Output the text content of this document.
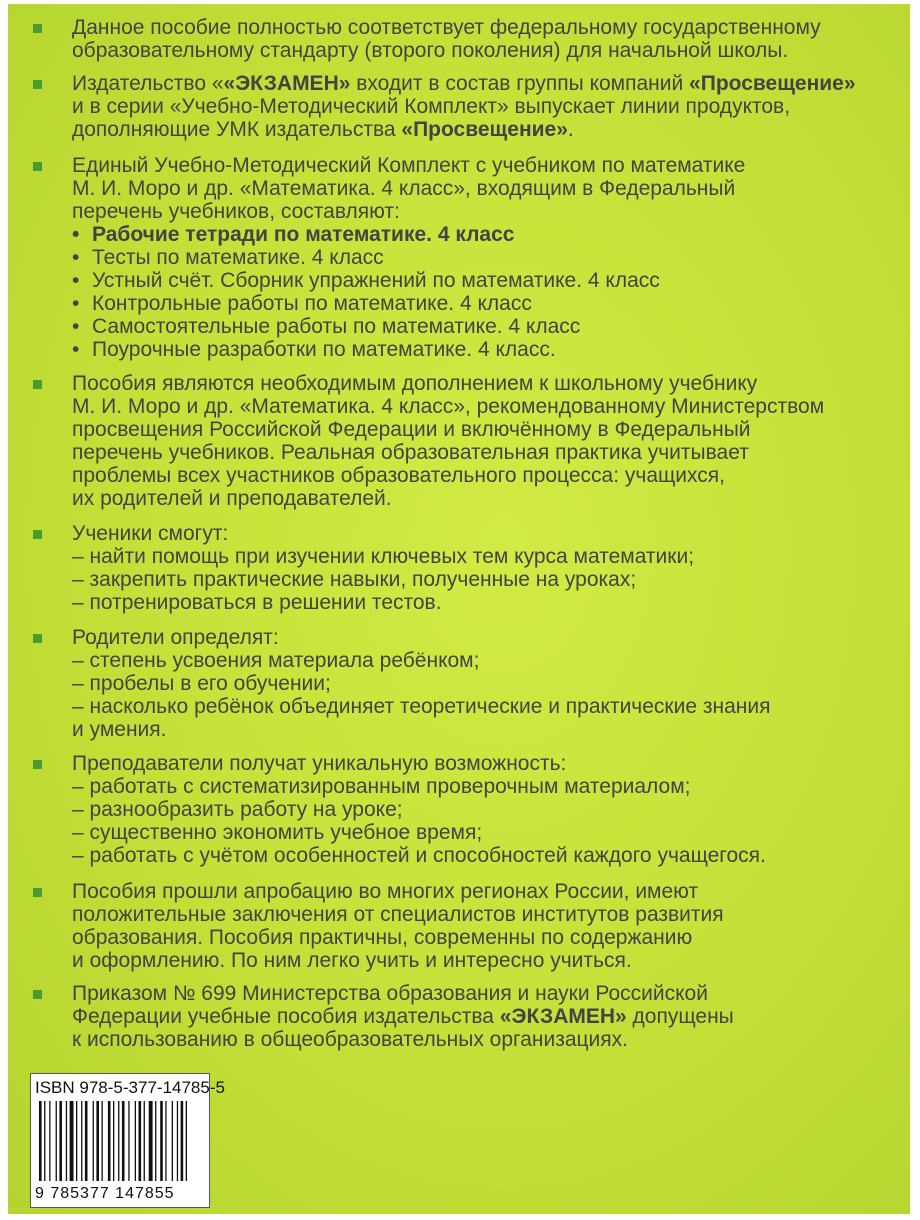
Данное пособие полностью соответствует федеральному государственному
образовательному стандарту (второго поколения) для начальной школы.
Издательство ««ЭКЗАМЕН» входит в состав группы компаний «Просвещение»
и в серии «Учебно-Методический Комплект» выпускает линии продуктов,
дополняющие УМК издательства «Просвещение».
Единый Учебно-Методический Комплект с учебником по математике
М. И. Моро и др. «Математика. 4 класс», входящим в Федеральный
перечень учебников, составляют:
• Рабочие тетради по математике. 4 класс
• Тесты по математике. 4 класс
• Устный счёт. Сборник упражнений по математике. 4 класс
• Контрольные работы по математике. 4 класс
• Самостоятельные работы по математике. 4 класс
• Поурочные разработки по математике. 4 класс.
Пособия являются необходимым дополнением к школьному учебнику
М. И. Моро и др. «Математика. 4 класс», рекомендованному Министерством
просвещения Российской Федерации и включённому в Федеральный
перечень учебников. Реальная образовательная практика учитывает
проблемы всех участников образовательного процесса: учащихся,
их родителей и преподавателей.
Ученики смогут:
– найти помощь при изучении ключевых тем курса математики;
– закрепить практические навыки, полученные на уроках;
– потренироваться в решении тестов.
Родители определят:
– степень усвоения материала ребёнком;
– пробелы в его обучении;
– насколько ребёнок объединяет теоретические и практические знания
и умения.
Преподаватели получат уникальную возможность:
– работать с систематизированным проверочным материалом;
– разнообразить работу на уроке;
– существенно экономить учебное время;
– работать с учётом особенностей и способностей каждого учащегося.
Пособия прошли апробацию во многих регионах России, имеют
положительные заключения от специалистов институтов развития
образования. Пособия практичны, современны по содержанию
и оформлению. По ним легко учить и интересно учиться.
Приказом № 699 Министерства образования и науки Российской
Федерации учебные пособия издательства «ЭКЗАМЕН» допущены
к использованию в общеобразовательных организациях.
ISBN 978-5-377-14785-5
9 785377 147855
